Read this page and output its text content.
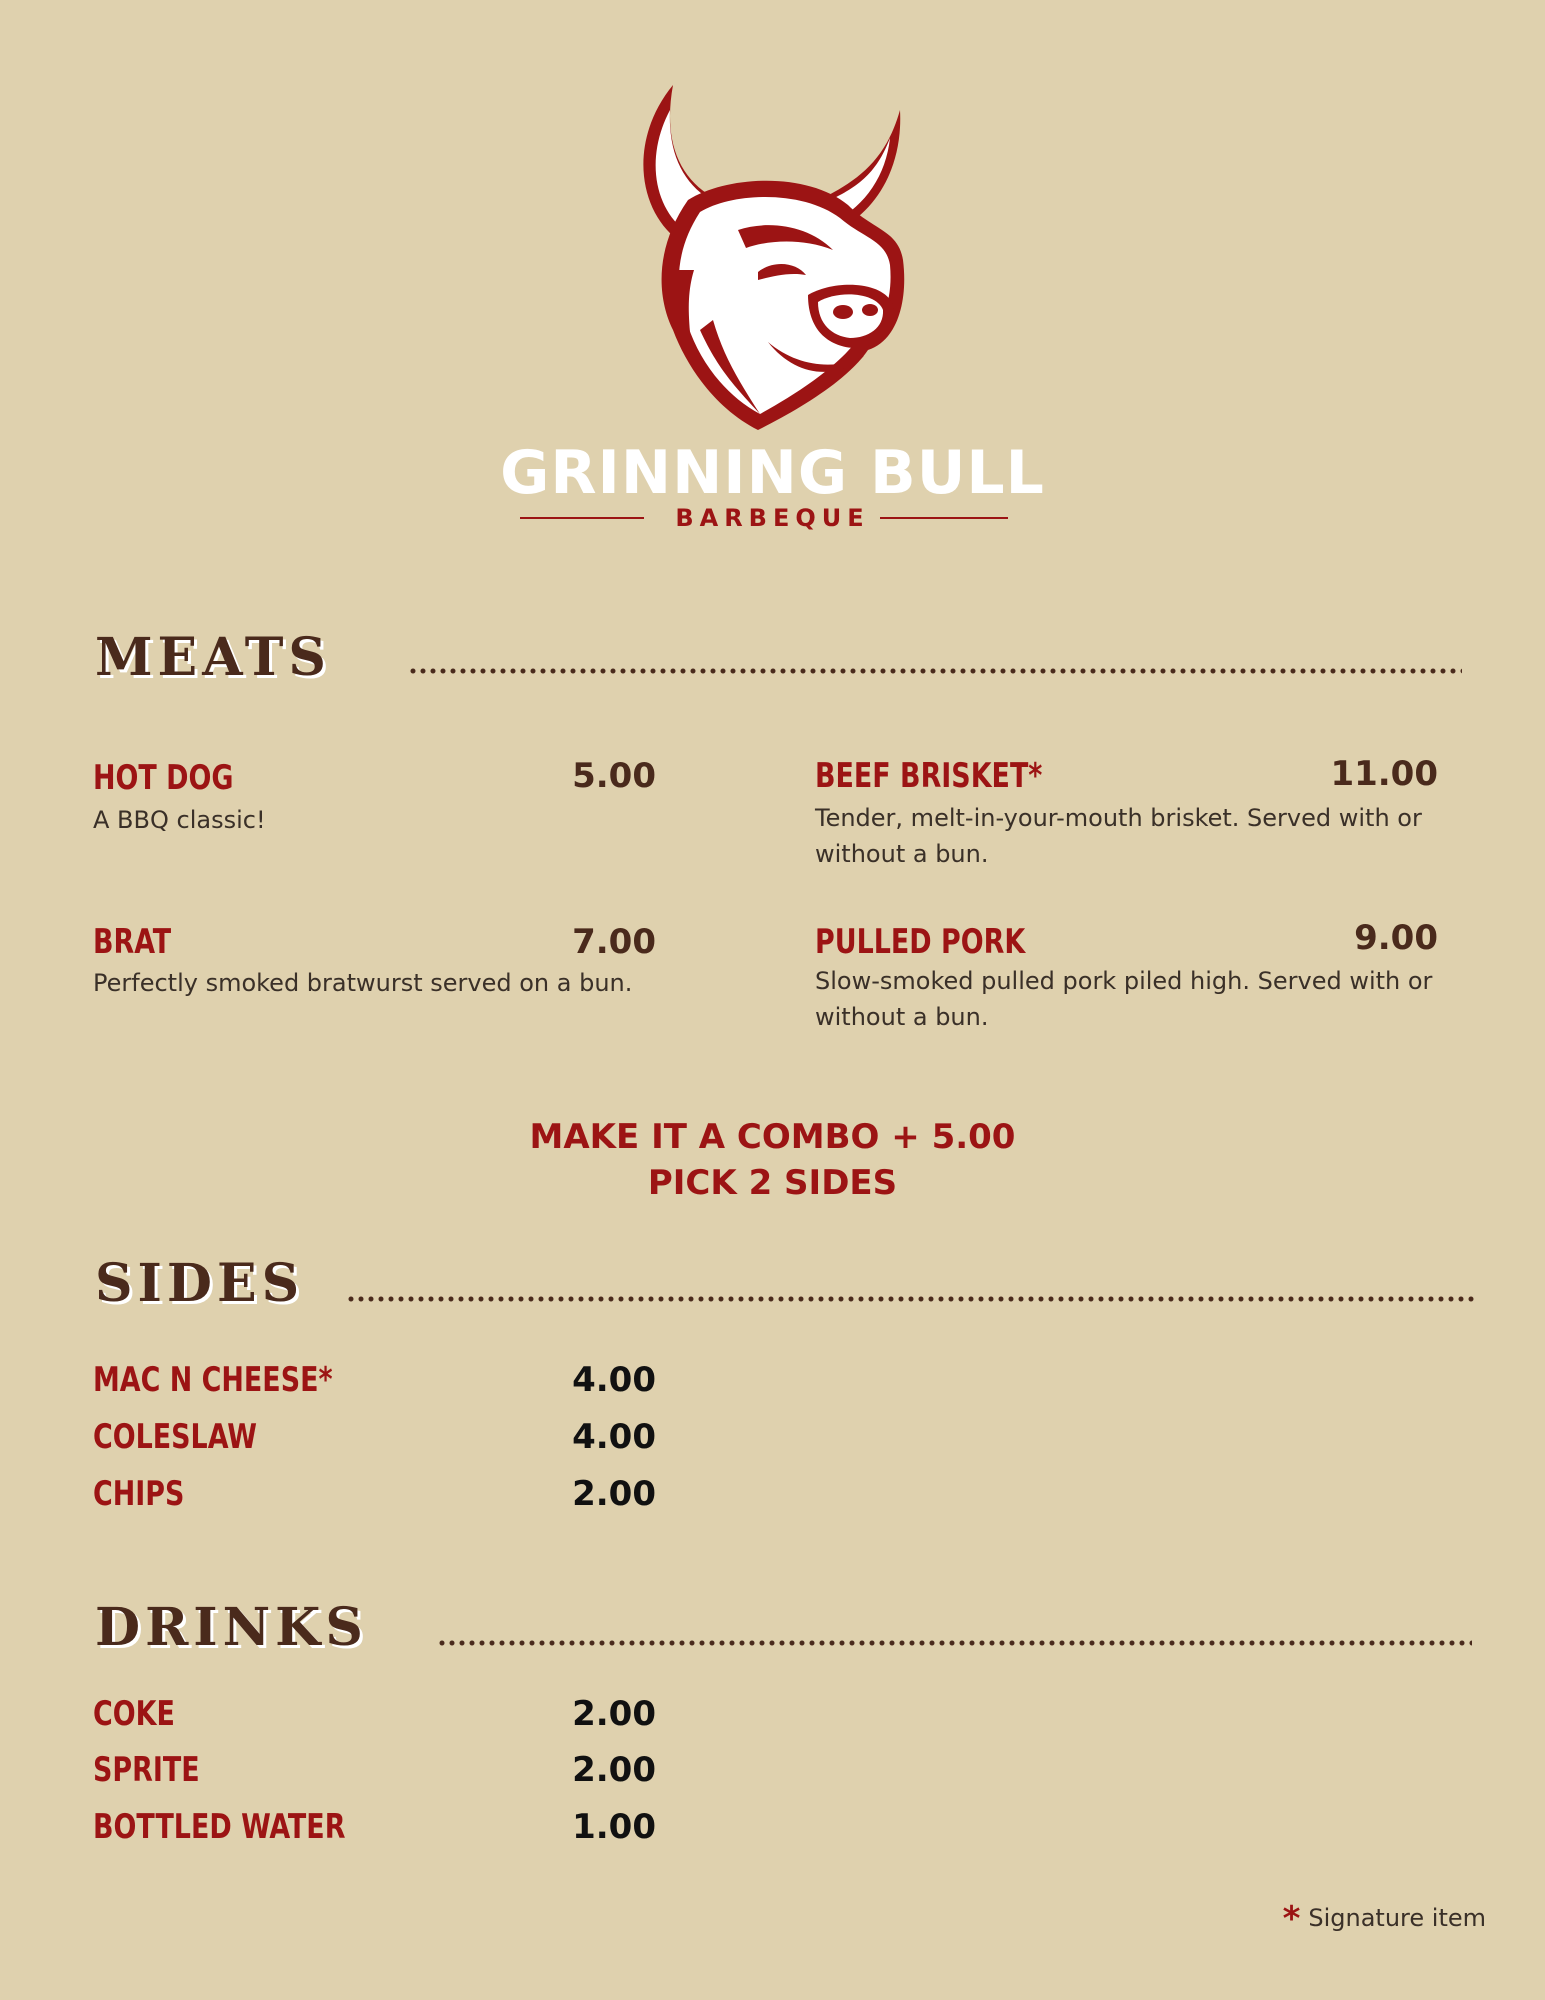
GRINNING BULL
BARBEQUE
MEATS
HOT DOG	5.00
A BBQ classic!
BRAT	7.00
Perfectly smoked bratwurst served on a bun.
BEEF BRISKET*	11.00
Tender, melt-in-your-mouth brisket. Served with or without a bun.
PULLED PORK	9.00
Slow-smoked pulled pork piled high. Served with or without a bun.
MAKE IT A COMBO + 5.00
PICK 2 SIDES
SIDES
MAC N CHEESE*	4.00
COLESLAW	4.00
CHIPS	2.00
DRINKS
COKE	2.00
SPRITE	2.00
BOTTLED WATER	1.00
* Signature item
